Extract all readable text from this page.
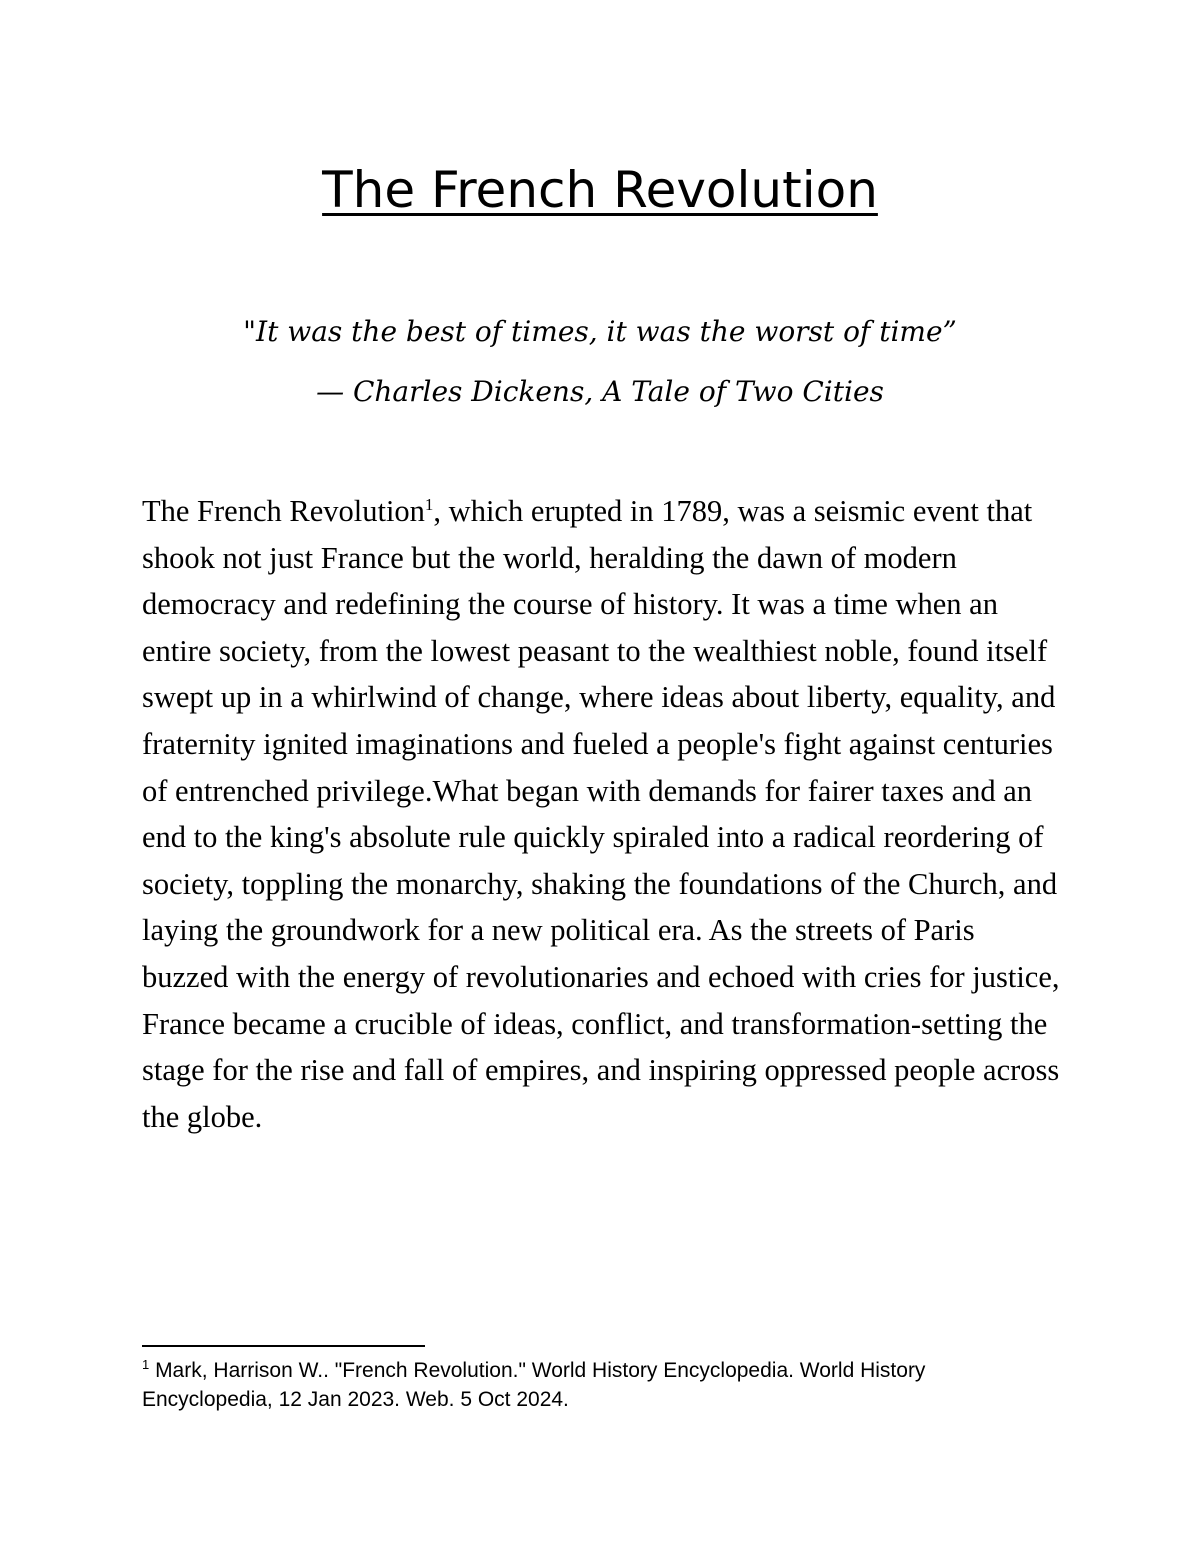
The French Revolution
"It was the best of times, it was the worst of time”
— Charles Dickens, A Tale of Two Cities

The French Revolution$^1$, which erupted in 1789, was a seismic event that shook not just France but the world, heralding the dawn of modern democracy and redefining the course of history. It was a time when an entire society, from the lowest peasant to the wealthiest noble, found itself swept up in a whirlwind of change, where ideas about liberty, equality, and fraternity ignited imaginations and fueled a people's fight against centuries of entrenched privilege.What began with demands for fairer taxes and an end to the king's absolute rule quickly spiraled into a radical reordering of society, toppling the monarchy, shaking the foundations of the Church, and laying the groundwork for a new political era. As the streets of Paris buzzed with the energy of revolutionaries and echoed with cries for justice, France became a crucible of ideas, conflict, and transformation-setting the stage for the rise and fall of empires, and inspiring oppressed people across the globe.

$^1$ Mark, Harrison W.. "French Revolution." World History Encyclopedia. World History Encyclopedia, 12 Jan 2023. Web. 5 Oct 2024.
